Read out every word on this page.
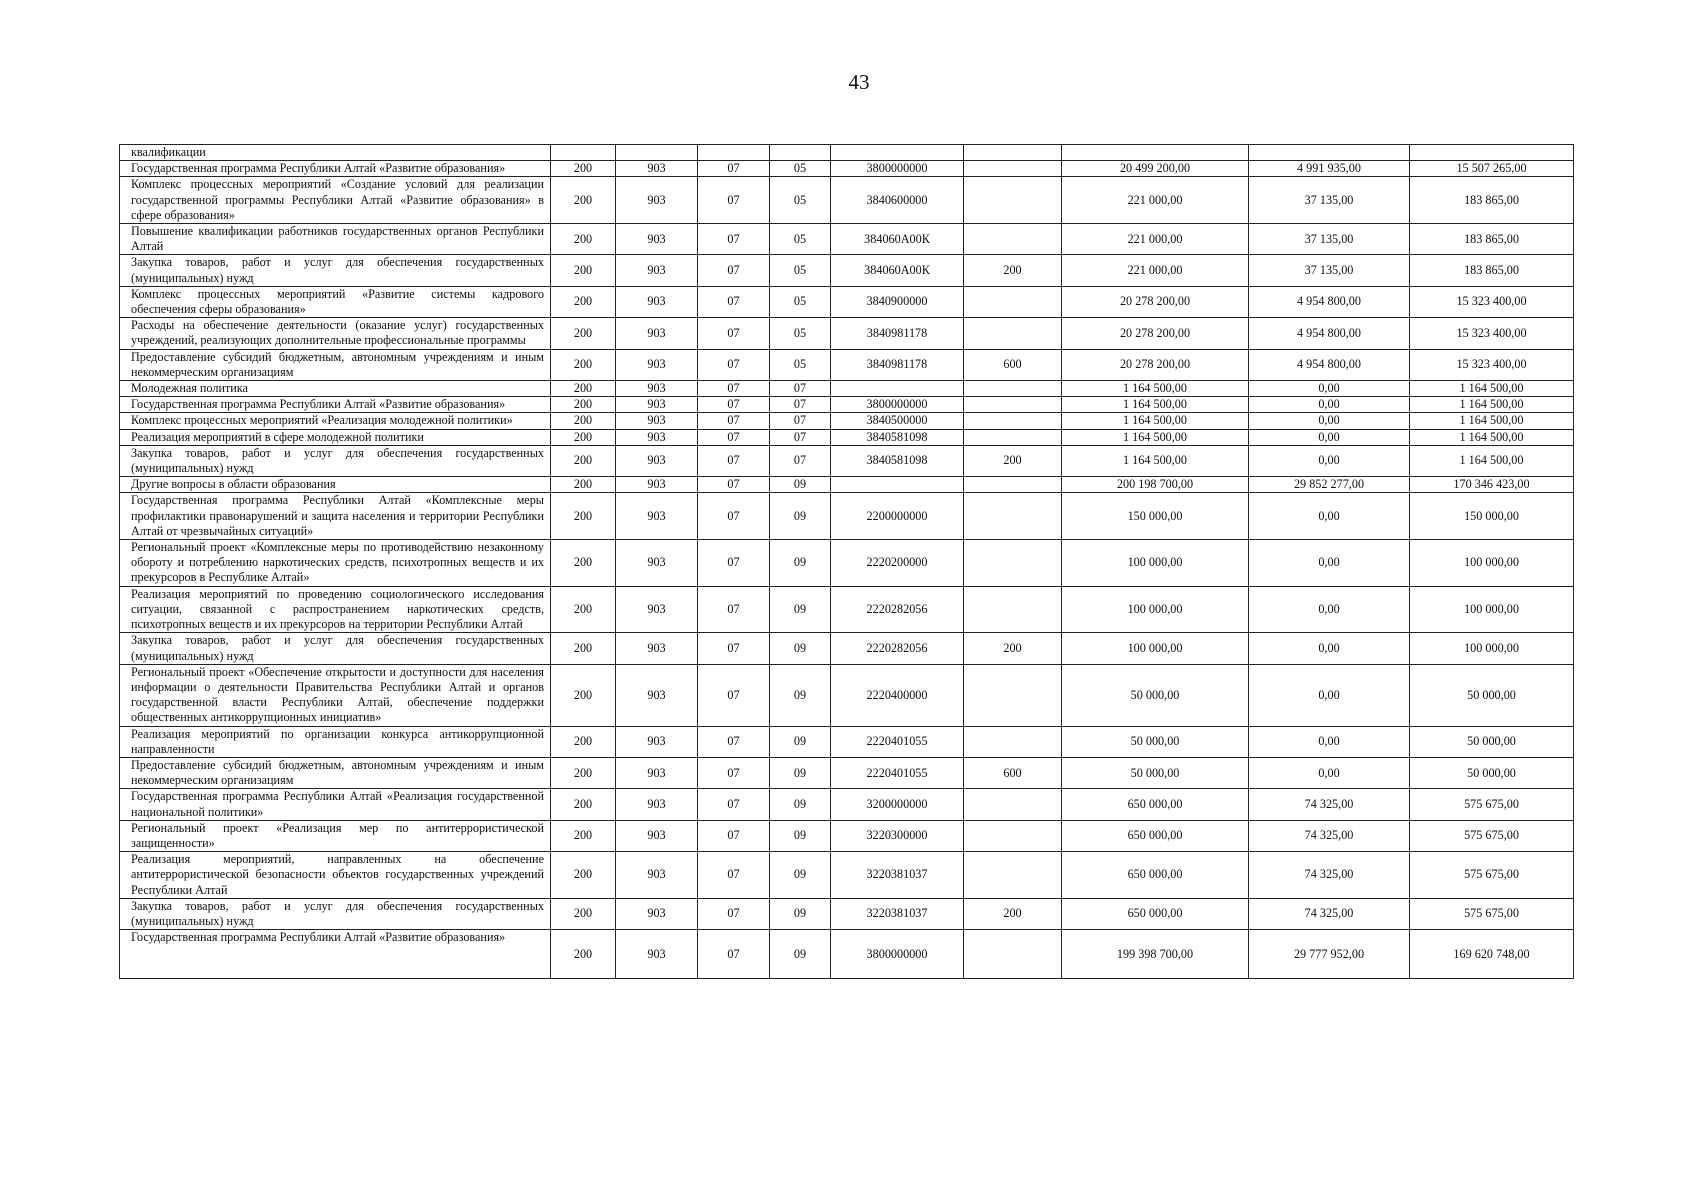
43
квалификации									
Государственная программа Республики Алтай «Развитие образования»	200	903	07	05	3800000000		20 499 200,00	4 991 935,00	15 507 265,00
Комплекс процессных мероприятий «Создание условий для реализации государственной программы Республики Алтай «Развитие образования» в сфере образования»	200	903	07	05	3840600000		221 000,00	37 135,00	183 865,00
Повышение квалификации работников государственных органов Республики Алтай	200	903	07	05	384060А00К		221 000,00	37 135,00	183 865,00
Закупка товаров, работ и услуг для обеспечения государственных (муниципальных) нужд	200	903	07	05	384060А00К	200	221 000,00	37 135,00	183 865,00
Комплекс процессных мероприятий «Развитие системы кадрового обеспечения сферы образования»	200	903	07	05	3840900000		20 278 200,00	4 954 800,00	15 323 400,00
Расходы на обеспечение деятельности (оказание услуг) государственных учреждений, реализующих дополнительные профессиональные программы	200	903	07	05	3840981178		20 278 200,00	4 954 800,00	15 323 400,00
Предоставление субсидий бюджетным, автономным учреждениям и иным некоммерческим организациям	200	903	07	05	3840981178	600	20 278 200,00	4 954 800,00	15 323 400,00
Молодежная политика	200	903	07	07			1 164 500,00	0,00	1 164 500,00
Государственная программа Республики Алтай «Развитие образования»	200	903	07	07	3800000000		1 164 500,00	0,00	1 164 500,00
Комплекс процессных мероприятий «Реализация молодежной политики»	200	903	07	07	3840500000		1 164 500,00	0,00	1 164 500,00
Реализация мероприятий в сфере молодежной политики	200	903	07	07	3840581098		1 164 500,00	0,00	1 164 500,00
Закупка товаров, работ и услуг для обеспечения государственных (муниципальных) нужд	200	903	07	07	3840581098	200	1 164 500,00	0,00	1 164 500,00
Другие вопросы в области образования	200	903	07	09			200 198 700,00	29 852 277,00	170 346 423,00
Государственная программа Республики Алтай «Комплексные меры профилактики правонарушений и защита населения и территории Республики Алтай от чрезвычайных ситуаций»	200	903	07	09	2200000000		150 000,00	0,00	150 000,00
Региональный проект «Комплексные меры по противодействию незаконному обороту и потреблению наркотических средств, психотропных веществ и их прекурсоров в Республике Алтай»	200	903	07	09	2220200000		100 000,00	0,00	100 000,00
Реализация мероприятий по проведению социологического исследования ситуации, связанной с распространением наркотических средств, психотропных веществ и их прекурсоров на территории Республики Алтай	200	903	07	09	2220282056		100 000,00	0,00	100 000,00
Закупка товаров, работ и услуг для обеспечения государственных (муниципальных) нужд	200	903	07	09	2220282056	200	100 000,00	0,00	100 000,00
Региональный проект «Обеспечение открытости и доступности для населения информации о деятельности Правительства Республики Алтай и органов государственной власти Республики Алтай, обеспечение поддержки общественных антикоррупционных инициатив»	200	903	07	09	2220400000		50 000,00	0,00	50 000,00
Реализация мероприятий по организации конкурса антикоррупционной направленности	200	903	07	09	2220401055		50 000,00	0,00	50 000,00
Предоставление субсидий бюджетным, автономным учреждениям и иным некоммерческим организациям	200	903	07	09	2220401055	600	50 000,00	0,00	50 000,00
Государственная программа Республики Алтай «Реализация государственной национальной политики»	200	903	07	09	3200000000		650 000,00	74 325,00	575 675,00
Региональный проект «Реализация мер по антитеррористической защищенности»	200	903	07	09	3220300000		650 000,00	74 325,00	575 675,00
Реализация мероприятий, направленных на обеспечение антитеррористической безопасности объектов государственных учреждений Республики Алтай	200	903	07	09	3220381037		650 000,00	74 325,00	575 675,00
Закупка товаров, работ и услуг для обеспечения государственных (муниципальных) нужд	200	903	07	09	3220381037	200	650 000,00	74 325,00	575 675,00
Государственная программа Республики Алтай «Развитие образования»	200	903	07	09	3800000000		199 398 700,00	29 777 952,00	169 620 748,00
